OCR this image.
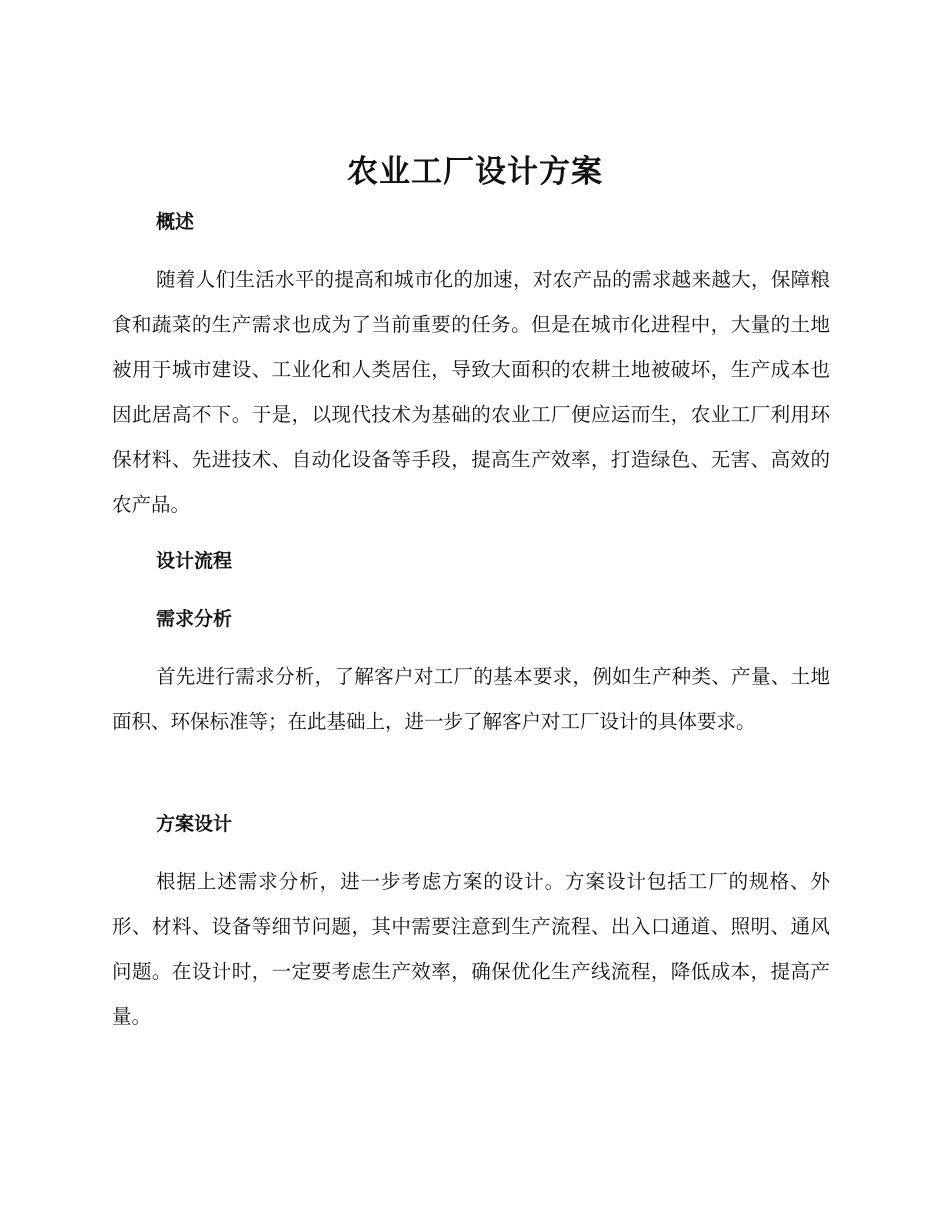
农业工厂设计方案
概述

随着人们生活水平的提高和城市化的加速，对农产品的需求越来越大，保障粮食和蔬菜的生产需求也成为了当前重要的任务。但是在城市化进程中，大量的土地被用于城市建设、工业化和人类居住，导致大面积的农耕土地被破坏，生产成本也因此居高不下。于是，以现代技术为基础的农业工厂便应运而生，农业工厂利用环保材料、先进技术、自动化设备等手段，提高生产效率，打造绿色、无害、高效的农产品。

设计流程
需求分析

首先进行需求分析，了解客户对工厂的基本要求，例如生产种类、产量、土地面积、环保标准等；在此基础上，进一步了解客户对工厂设计的具体要求。

方案设计

根据上述需求分析，进一步考虑方案的设计。方案设计包括工厂的规格、外形、材料、设备等细节问题，其中需要注意到生产流程、出入口通道、照明、通风问题。在设计时，一定要考虑生产效率，确保优化生产线流程，降低成本，提高产量。
